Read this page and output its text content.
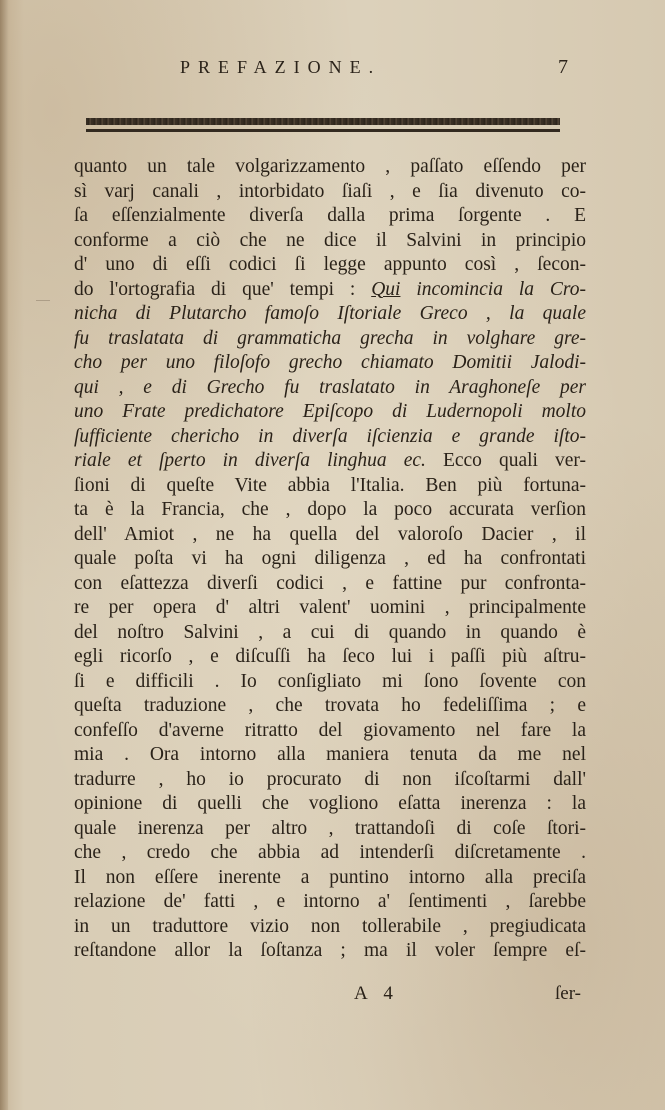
PREFAZIONE.	7
quanto un tale volgarizzamento , paſſato eſſendo per
sì varj canali , intorbidato ſiaſi , e ſia divenuto co-
ſa eſſenzialmente diverſa dalla prima ſorgente . E
conforme a ciò che ne dice il Salvini in principio
d' uno di eſſi codici ſi legge appunto così , ſecon-
do l'ortografia di que' tempi : Qui incomincia la Cro-
nicha di Plutarcho famoſo Iſtoriale Greco , la quale
fu traslatata di grammaticha grecha in volghare gre-
cho per uno filoſofo grecho chiamato Domitii Jalodi-
qui , e di Grecho fu traslatato in Araghoneſe per
uno Frate predichatore Epiſcopo di Ludernopoli molto
ſufficiente chericho in diverſa iſcienzia e grande iſto-
riale et ſperto in diverſa linghua ec. Ecco quali ver-
ſioni di queſte Vite abbia l'Italia. Ben più fortuna-
ta è la Francia, che , dopo la poco accurata verſion
dell' Amiot , ne ha quella del valoroſo Dacier , il
quale poſta vi ha ogni diligenza , ed ha confrontati
con eſattezza diverſi codici , e fattine pur confronta-
re per opera d' altri valent' uomini , principalmente
del noſtro Salvini , a cui di quando in quando è
egli ricorſo , e diſcuſſi ha ſeco lui i paſſi più aſtru-
ſi e difficili . Io conſigliato mi ſono ſovente con
queſta traduzione , che trovata ho fedeliſſima ; e
confeſſo d'averne ritratto del giovamento nel fare la
mia . Ora intorno alla maniera tenuta da me nel
tradurre , ho io procurato di non iſcoſtarmi dall'
opinione di quelli che vogliono eſatta inerenza : la
quale inerenza per altro , trattandoſi di coſe ſtori-
che , credo che abbia ad intenderſi diſcretamente .
Il non eſſere inerente a puntino intorno alla preciſa
relazione de' fatti , e intorno a' ſentimenti , ſarebbe
in un traduttore vizio non tollerabile , pregiudicata
reſtandone allor la ſoſtanza ; ma il voler ſempre eſ-
A 4	ſer-
